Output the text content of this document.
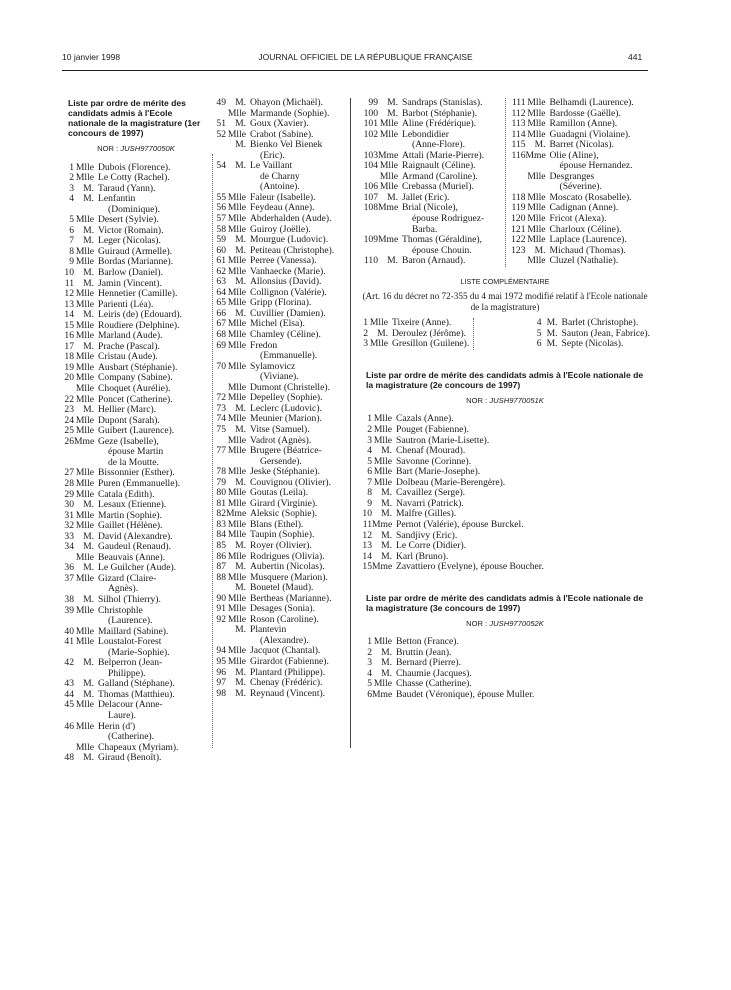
10 janvier 1998	JOURNAL OFFICIEL DE LA RÉPUBLIQUE FRANÇAISE	441
Liste par ordre de mérite des candidats admis à l'Ecole nationale de la magistrature (1er concours de 1997)
NOR : JUSH9770050K
1 Mlle Dubois (Florence).
2 Mlle Le Cotty (Rachel).
3 M. Taraud (Yann).
4 M. Lenfantin
(Dominique).
5 Mlle Desert (Sylvie).
6 M. Victor (Romain).
7 M. Leger (Nicolas).
8 Mlle Guiraud (Armelle).
9 Mlle Bordas (Marianne).
10 M. Barlow (Daniel).
11 M. Jamin (Vincent).
12 Mlle Hennetier (Camille).
13 Mlle Parienti (Léa).
14 M. Leiris (de) (Edouard).
15 Mlle Roudiere (Delphine).
16 Mlle Marland (Aude).
17 M. Prache (Pascal).
18 Mlle Cristau (Aude).
19 Mlle Ausbart (Stéphanie).
20 Mlle Company (Sabine).
Mlle Choquet (Aurélie).
22 Mlle Poncet (Catherine).
23 M. Hellier (Marc).
24 Mlle Dupont (Sarah).
25 Mlle Guibert (Laurence).
26 Mme Geze (Isabelle),
épouse Martin
de la Moutte.
27 Mlle Bissonnier (Esther).
28 Mlle Puren (Emmanuelle).
29 Mlle Catala (Edith).
30 M. Lesaux (Etienne).
31 Mlle Martin (Sophie).
32 Mlle Gaillet (Hélène).
33 M. David (Alexandre).
34 M. Gaudeul (Renaud).
Mlle Beauvais (Anne).
36 M. Le Guilcher (Aude).
37 Mlle Gizard (Claire-
Agnès).
38 M. Silhol (Thierry).
39 Mlle Christophle
(Laurence).
40 Mlle Maillard (Sabine).
41 Mlle Loustalot-Forest
(Marie-Sophie).
42 M. Belperron (Jean-
Philippe).
43 M. Galland (Stéphane).
44 M. Thomas (Matthieu).
45 Mlle Delacour (Anne-
Laure).
46 Mlle Herin (d')
(Catherine).
Mlle Chapeaux (Myriam).
48 M. Giraud (Benoît).
49 M. Ohayon (Michaël).
Mlle Marmande (Sophie).
51 M. Goux (Xavier).
52 Mlle Crabot (Sabine).
M. Bienko Vel Bienek
(Eric).
54 M. Le Vaillant
de Charny
(Antoine).
55 Mlle Faleur (Isabelle).
56 Mlle Feydeau (Anne).
57 Mlle Abderhalden (Aude).
58 Mlle Guiroy (Joëlle).
59 M. Mourgue (Ludovic).
60 M. Petiteau (Christophe).
61 Mlle Perree (Vanessa).
62 Mlle Vanhaecke (Marie).
63 M. Allonsius (David).
64 Mlle Collignon (Valérie).
65 Mlle Gripp (Florina).
66 M. Cuvillier (Damien).
67 Mlle Michel (Elsa).
68 Mlle Chamley (Céline).
69 Mlle Fredon
(Emmanuelle).
70 Mlle Sylamovicz
(Viviane).
Mlle Dumont (Christelle).
72 Mlle Depelley (Sophie).
73 M. Leclerc (Ludovic).
74 Mlle Meunier (Marion).
75 M. Vitse (Samuel).
Mlle Vadrot (Agnès).
77 Mlle Brugere (Béatrice-
Gersende).
78 Mlle Jeske (Stéphanie).
79 M. Couvignou (Olivier).
80 Mlle Goutas (Leila).
81 Mlle Girard (Virginie).
82 Mme Aleksic (Sophie).
83 Mlle Blans (Ethel).
84 Mlle Taupin (Sophie).
85 M. Royer (Olivier).
86 Mlle Rodrigues (Olivia).
87 M. Aubertin (Nicolas).
88 Mlle Musquere (Marion).
M. Bouetel (Maud).
90 Mlle Bertheas (Marianne).
91 Mlle Desages (Sonia).
92 Mlle Roson (Caroline).
M. Plantevin
(Alexandre).
94 Mlle Jacquot (Chantal).
95 Mlle Girardot (Fabienne).
96 M. Plantard (Philippe).
97 M. Chenay (Frédéric).
98 M. Reynaud (Vincent).
99 M. Sandraps (Stanislas).
100 M. Barbot (Stéphanie).
101 Mlle Aline (Frédérique).
102 Mlle Lebondidier
(Anne-Flore).
103 Mme Attali (Marie-Pierre).
104 Mlle Raignault (Céline).
Mlle Armand (Caroline).
106 Mlle Crebassa (Muriel).
107 M. Jallet (Eric).
108 Mme Brial (Nicole),
épouse Rodriguez-
Barba.
109 Mme Thomas (Géraldine),
épouse Chouin.
110 M. Baron (Arnaud).
111 Mlle Belhamdi (Laurence).
112 Mlle Bardosse (Gaëlle).
113 Mlle Ramillon (Anne).
114 Mlle Guadagni (Violaine).
115 M. Barret (Nicolas).
116 Mme Olie (Aline),
épouse Hernandez.
Mlle Desgranges
(Séverine).
118 Mlle Moscato (Rosabelle).
119 Mlle Cadignan (Anne).
120 Mlle Fricot (Alexa).
121 Mlle Charloux (Céline).
122 Mlle Laplace (Laurence).
123 M. Michaud (Thomas).
Mlle Cluzel (Nathalie).
LISTE COMPLÉMENTAIRE
(Art. 16 du décret no 72-355 du 4 mai 1972 modifié relatif à l'Ecole nationale de la magistrature)
1 Mlle Tixeire (Anne).
2 M. Deroulez (Jérôme).
3 Mlle Gresillon (Guilene).
4 M. Barlet (Christophe).
5 M. Sauton (Jean, Fabrice).
6 M. Septe (Nicolas).
Liste par ordre de mérite des candidats admis à l'Ecole nationale de la magistrature (2e concours de 1997)
NOR : JUSH9770051K
1 Mlle Cazals (Anne).
2 Mlle Pouget (Fabienne).
3 Mlle Sautron (Marie-Lisette).
4 M. Chenaf (Mourad).
5 Mlle Savonne (Corinne).
6 Mlle Bart (Marie-Josephe).
7 Mlle Dolbeau (Marie-Berengère).
8 M. Cavaillez (Serge).
9 M. Navarri (Patrick).
10 M. Malfre (Gilles).
11 Mme Pernot (Valérie), épouse Burckel.
12 M. Sandjivy (Eric).
13 M. Le Corre (Didier).
14 M. Karl (Bruno).
15 Mme Zavattiero (Evelyne), épouse Boucher.
Liste par ordre de mérite des candidats admis à l'Ecole nationale de la magistrature (3e concours de 1997)
NOR : JUSH9770052K
1 Mlle Betton (France).
2 M. Bruttin (Jean).
3 M. Bernard (Pierre).
4 M. Chaumie (Jacques).
5 Mlle Chasse (Catherine).
6 Mme Baudet (Véronique), épouse Muller.
